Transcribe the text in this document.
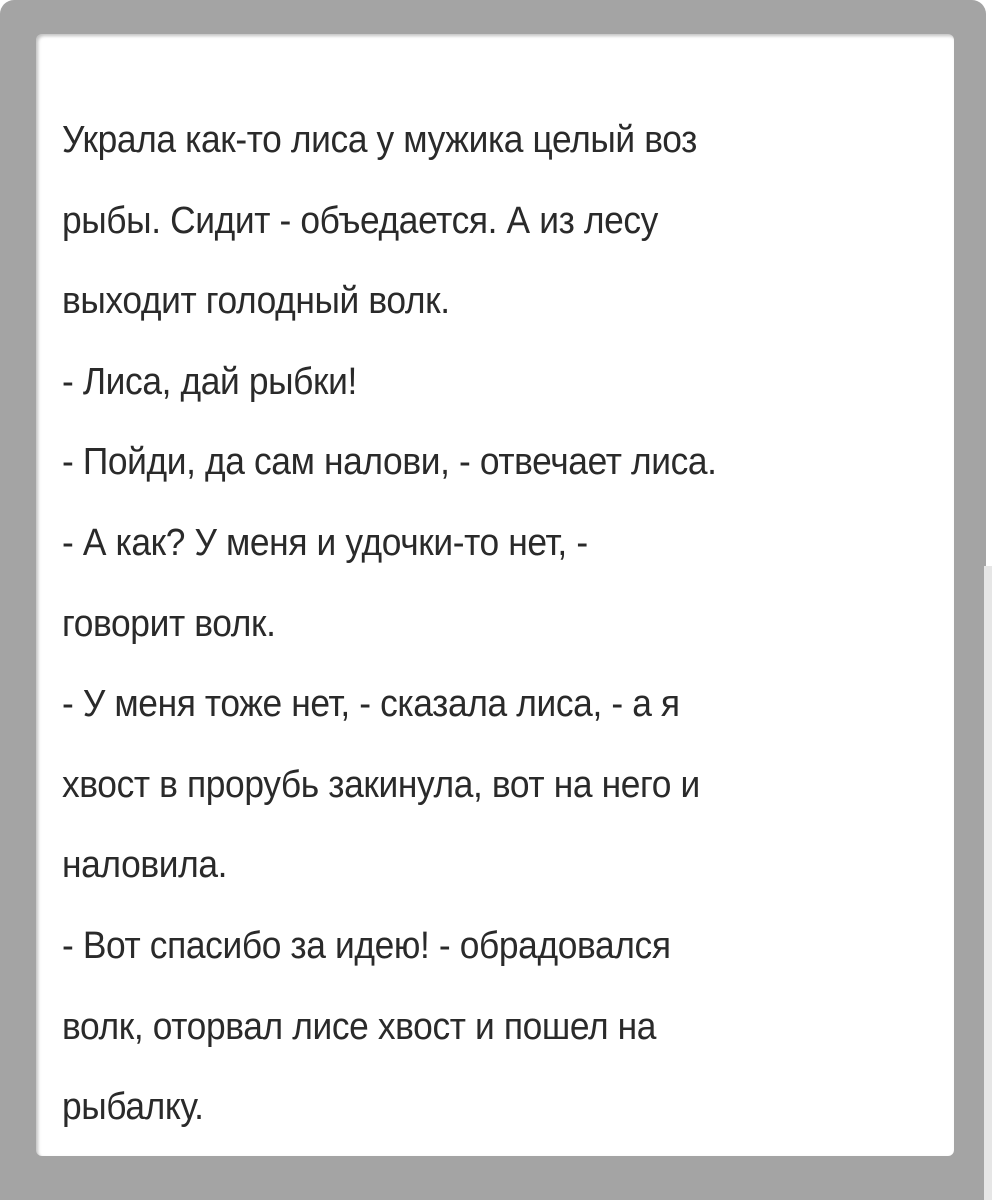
Украла как-то лиса у мужика целый воз
рыбы. Сидит - объедается. А из лесу
выходит голодный волк.
- Лиса, дай рыбки!
- Пойди, да сам налови, - отвечает лиса.
- А как? У меня и удочки-то нет, -
говорит волк.
- У меня тоже нет, - сказала лиса, - а я
хвост в прорубь закинула, вот на него и
наловила.
- Вот спасибо за идею! - обрадовался
волк, оторвал лисе хвост и пошел на
рыбалку.
